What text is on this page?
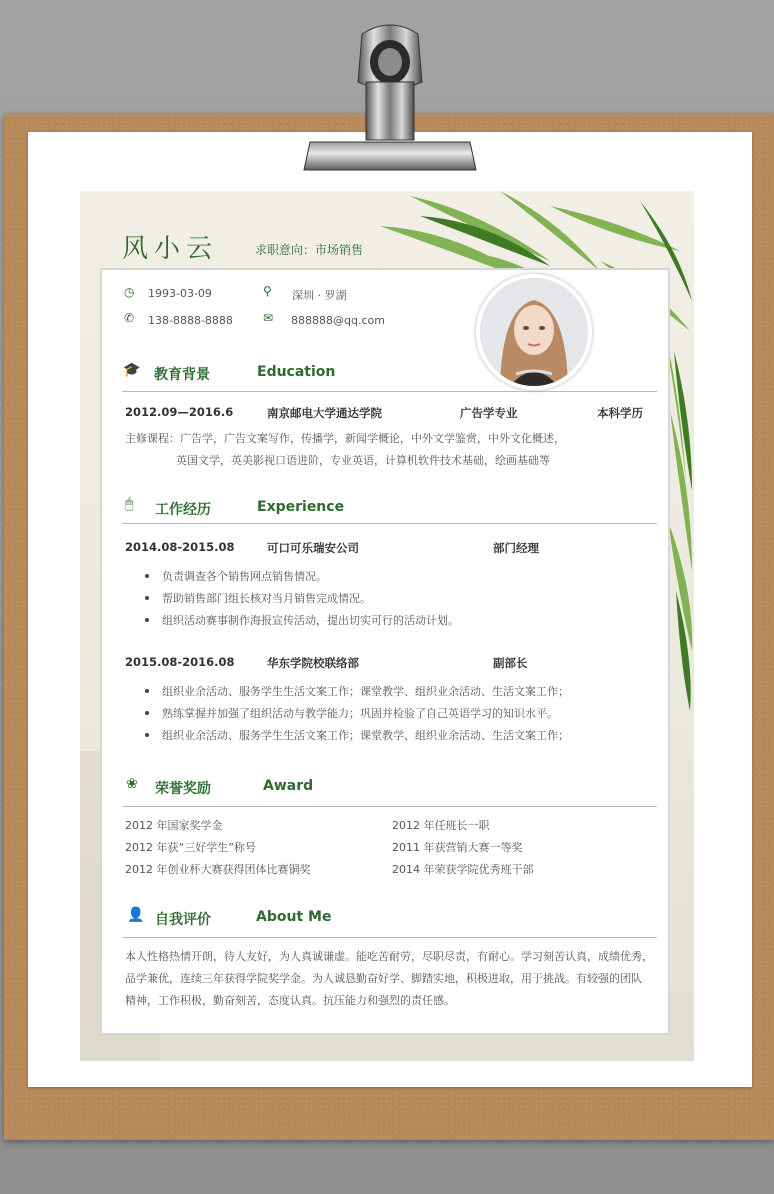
风小云	求职意向：市场销售
◷ 1993-03-09	⚲ 深圳 · 罗湖
✆ 138-8888-8888	✉ 888888@qq.com
🎓 教育背景	Education
2012.09—2016.6	南京邮电大学通达学院	广告学专业	本科学历
主修课程：广告学，广告文案写作，传播学，新闻学概论，中外文学鉴赏，中外文化概述，
英国文学，英美影视口语进阶，专业英语，计算机软件技术基础，绘画基础等
🖱 工作经历	Experience
2014.08-2015.08	可口可乐瑞安公司	部门经理
负责调查各个销售网点销售情况。
帮助销售部门组长核对当月销售完成情况。
组织活动赛事制作海报宣传活动，提出切实可行的活动计划。
2015.08-2016.08	华东学院校联络部	副部长
组织业余活动、服务学生生活文案工作；课堂教学、组织业余活动、生活文案工作；
熟练掌握并加强了组织活动与教学能力；巩固并检验了自己英语学习的知识水平。
组织业余活动、服务学生生活文案工作；课堂教学、组织业余活动、生活文案工作；
❀ 荣誉奖励	Award
2012 年国家奖学金	2012 年任班长一职
2012 年获“三好学生”称号	2011 年获营销大赛一等奖
2012 年创业杯大赛获得团体比赛铜奖	2014 年荣获学院优秀班干部
👤 自我评价	About Me
本人性格热情开朗，待人友好，为人真诚谦虚。能吃苦耐劳，尽职尽责，有耐心。学习刻苦认真，成绩优秀，
品学兼优，连续三年获得学院奖学金。为人诚恳勤奋好学、脚踏实地，积极进取，用于挑战。有较强的团队
精神，工作积极，勤奋刻苦，态度认真。抗压能力和强烈的责任感。
